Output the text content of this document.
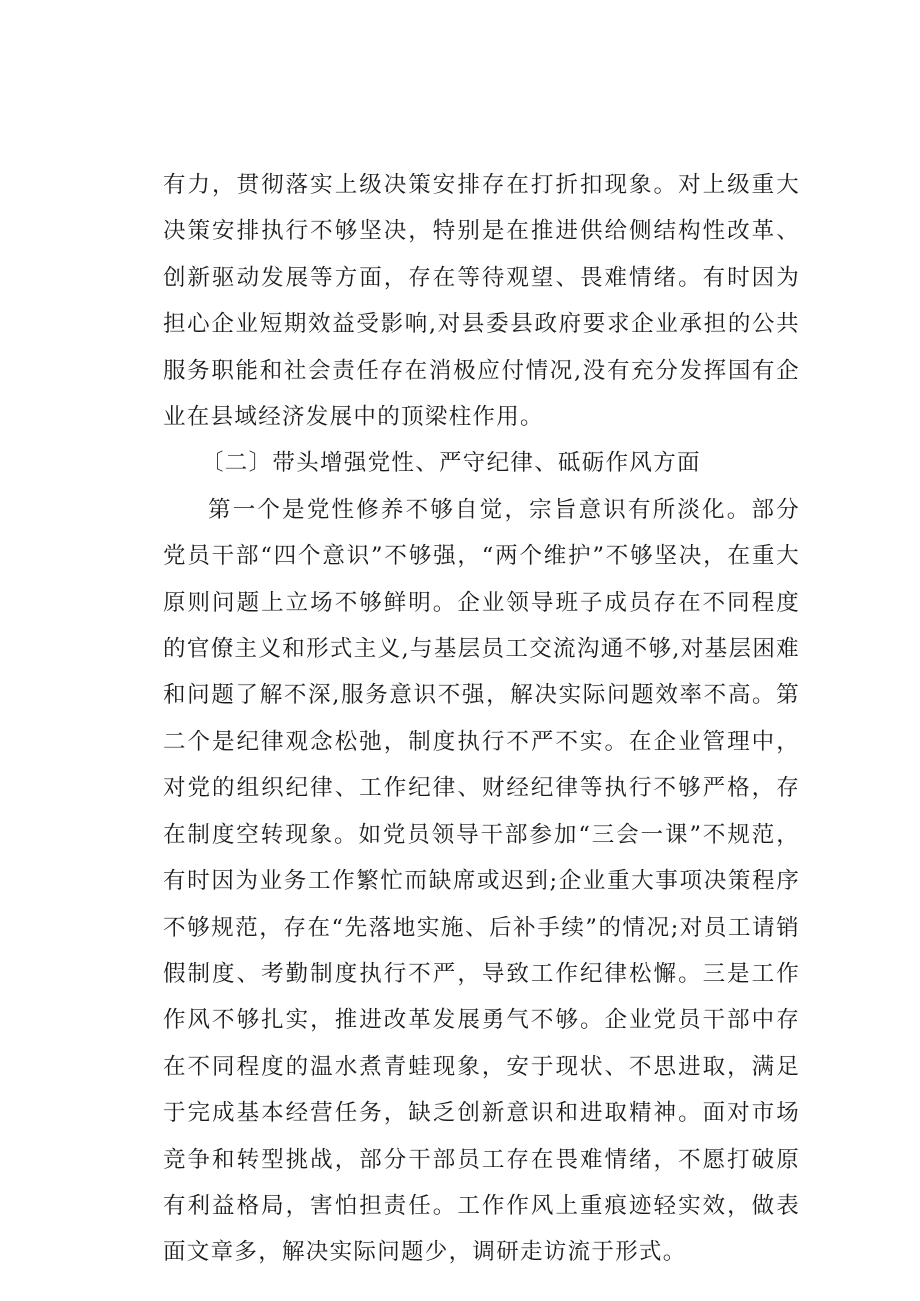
有力，贯彻落实上级决策安排存在打折扣现象。对上级重大决策安排执行不够坚决，特别是在推进供给侧结构性改革、创新驱动发展等方面，存在等待观望、畏难情绪。有时因为担心企业短期效益受影响,对县委县政府要求企业承担的公共服务职能和社会责任存在消极应付情况,没有充分发挥国有企业在县域经济发展中的顶梁柱作用。

〔二〕带头增强党性、严守纪律、砥砺作风方面

第一个是党性修养不够自觉，宗旨意识有所淡化。部分党员干部“四个意识”不够强，“两个维护”不够坚决，在重大原则问题上立场不够鲜明。企业领导班子成员存在不同程度的官僚主义和形式主义,与基层员工交流沟通不够,对基层困难和问题了解不深,服务意识不强，解决实际问题效率不高。第二个是纪律观念松弛，制度执行不严不实。在企业管理中，对党的组织纪律、工作纪律、财经纪律等执行不够严格，存在制度空转现象。如党员领导干部参加“三会一课”不规范，有时因为业务工作繁忙而缺席或迟到;企业重大事项决策程序不够规范，存在“先落地实施、后补手续”的情况;对员工请销假制度、考勤制度执行不严，导致工作纪律松懈。三是工作作风不够扎实，推进改革发展勇气不够。企业党员干部中存在不同程度的温水煮青蛙现象，安于现状、不思进取，满足于完成基本经营任务，缺乏创新意识和进取精神。面对市场竞争和转型挑战，部分干部员工存在畏难情绪，不愿打破原有利益格局，害怕担责任。工作作风上重痕迹轻实效，做表面文章多，解决实际问题少，调研走访流于形式。
